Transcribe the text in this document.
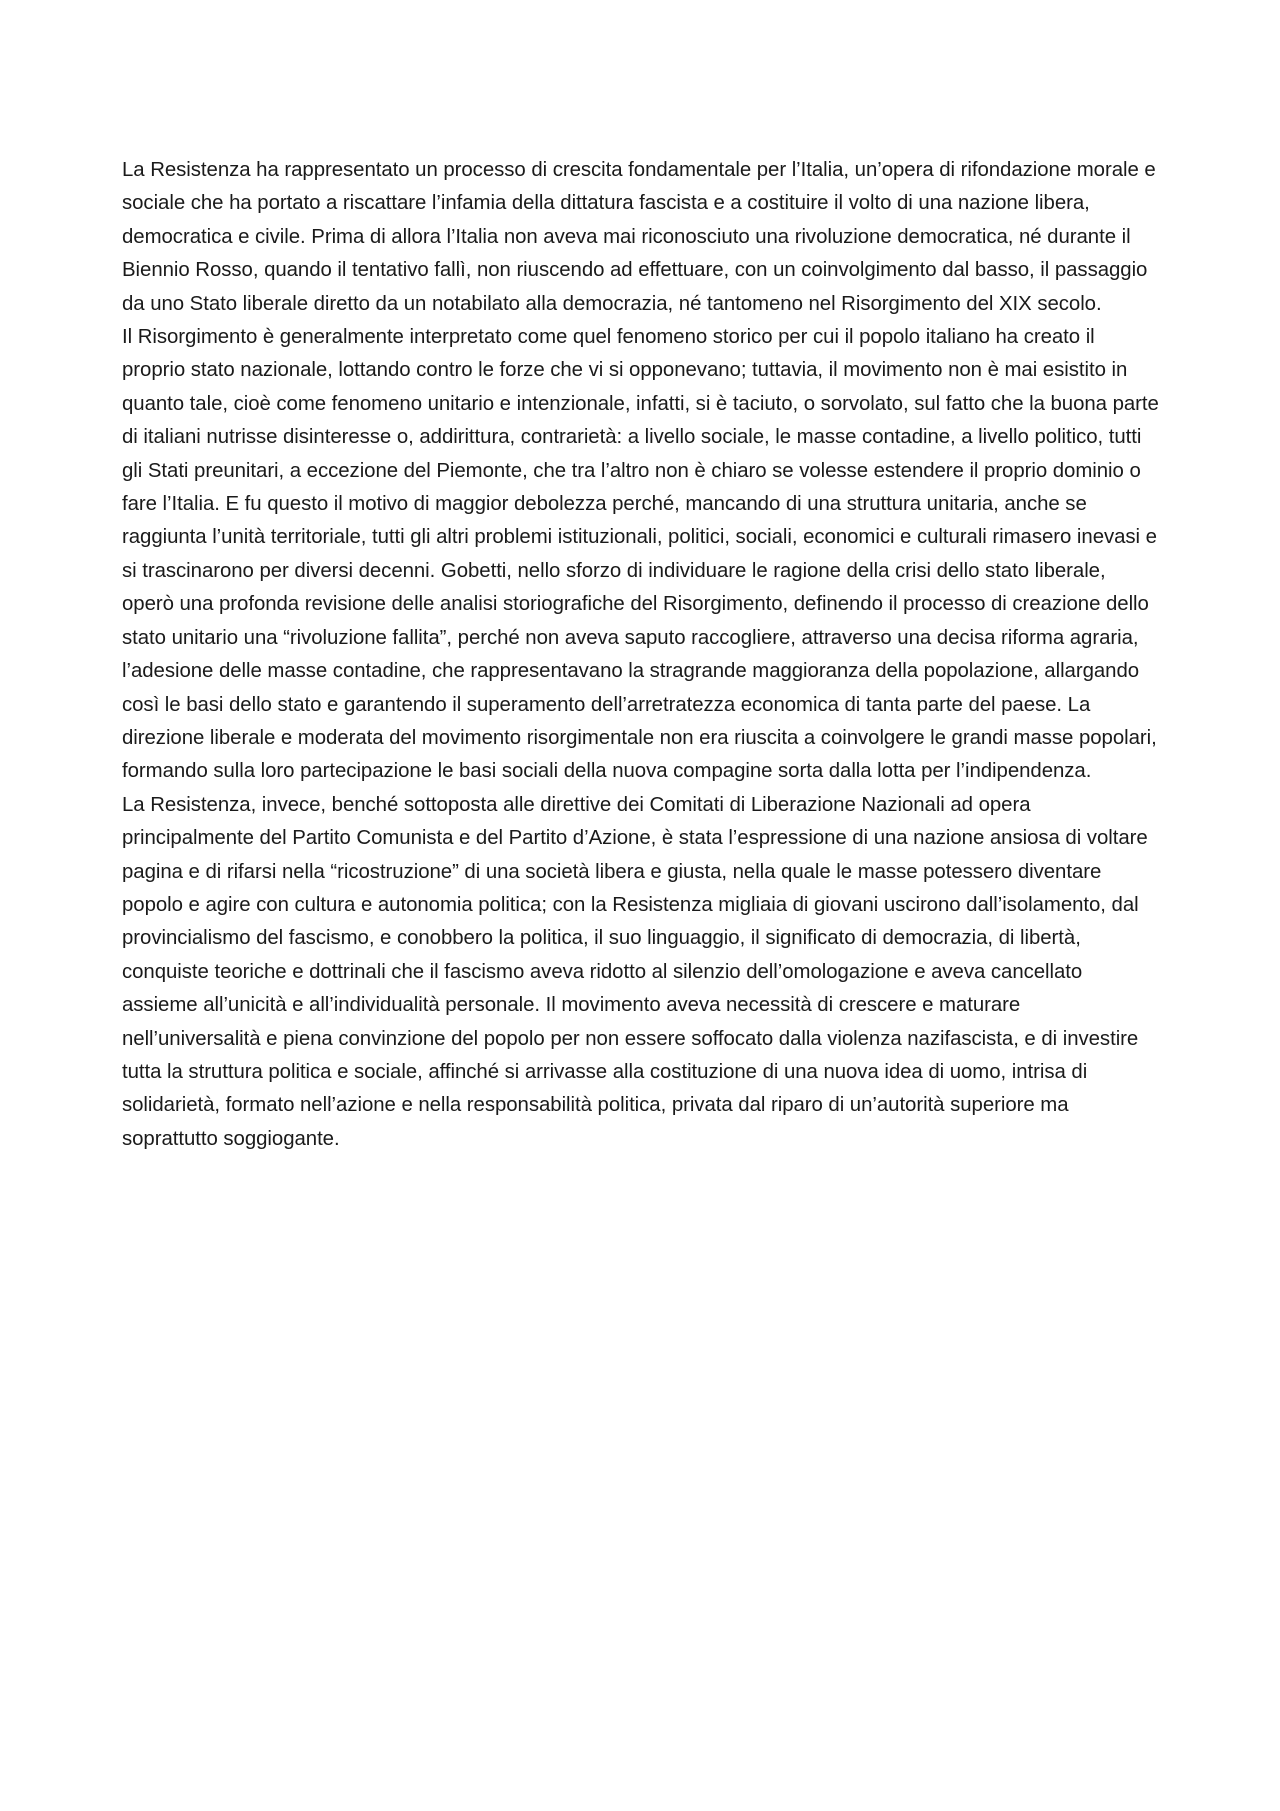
La Resistenza ha rappresentato un processo di crescita fondamentale per l’Italia, un’opera di rifondazione morale e sociale che ha portato a riscattare l’infamia della dittatura fascista e a costituire il volto di una nazione libera, democratica e civile. Prima di allora l’Italia non aveva mai riconosciuto una rivoluzione democratica, né durante il Biennio Rosso, quando il tentativo fallì, non riuscendo ad effettuare, con un coinvolgimento dal basso, il passaggio da uno Stato liberale diretto da un notabilato alla democrazia, né tantomeno nel Risorgimento del XIX secolo.

Il Risorgimento è generalmente interpretato come quel fenomeno storico per cui il popolo italiano ha creato il proprio stato nazionale, lottando contro le forze che vi si opponevano; tuttavia, il movimento non è mai esistito in quanto tale, cioè come fenomeno unitario e intenzionale, infatti, si è taciuto, o sorvolato, sul fatto che la buona parte di italiani nutrisse disinteresse o, addirittura, contrarietà: a livello sociale, le masse contadine, a livello politico, tutti gli Stati preunitari, a eccezione del Piemonte, che tra l’altro non è chiaro se volesse estendere il proprio dominio o fare l’Italia. E fu questo il motivo di maggior debolezza perché, mancando di una struttura unitaria, anche se raggiunta l’unità territoriale, tutti gli altri problemi istituzionali, politici, sociali, economici e culturali rimasero inevasi e si trascinarono per diversi decenni. Gobetti, nello sforzo di individuare le ragione della crisi dello stato liberale, operò una profonda revisione delle analisi storiografiche del Risorgimento, definendo il processo di creazione dello stato unitario una “rivoluzione fallita”, perché non aveva saputo raccogliere, attraverso una decisa riforma agraria, l’adesione delle masse contadine, che rappresentavano la stragrande maggioranza della popolazione, allargando così le basi dello stato e garantendo il superamento dell’arretratezza economica di tanta parte del paese. La direzione liberale e moderata del movimento risorgimentale non era riuscita a coinvolgere le grandi masse popolari, formando sulla loro partecipazione le basi sociali della nuova compagine sorta dalla lotta per l’indipendenza.

La Resistenza, invece, benché sottoposta alle direttive dei Comitati di Liberazione Nazionali ad opera principalmente del Partito Comunista e del Partito d’Azione, è stata l’espressione di una nazione ansiosa di voltare pagina e di rifarsi nella “ricostruzione” di una società libera e giusta, nella quale le masse potessero diventare popolo e agire con cultura e autonomia politica; con la Resistenza migliaia di giovani uscirono dall’isolamento, dal provincialismo del fascismo, e conobbero la politica, il suo linguaggio, il significato di democrazia, di libertà, conquiste teoriche e dottrinali che il fascismo aveva ridotto al silenzio dell’omologazione e aveva cancellato assieme all’unicità e all’individualità personale. Il movimento aveva necessità di crescere e maturare nell’universalità e piena convinzione del popolo per non essere soffocato dalla violenza nazifascista, e di investire tutta la struttura politica e sociale, affinché si arrivasse alla costituzione di una nuova idea di uomo, intrisa di solidarietà, formato nell’azione e nella responsabilità politica, privata dal riparo di un’autorità superiore ma soprattutto soggiogante.
